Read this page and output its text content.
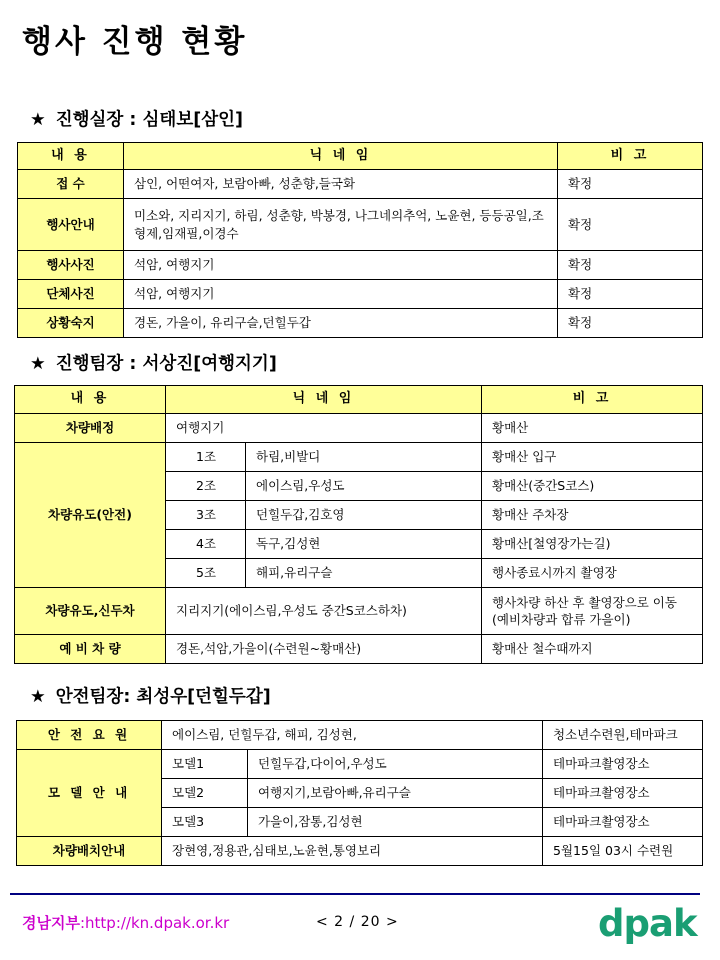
행사 진행 현황
★ 진행실장 : 심태보[삼인]
내 용	닉 네 임	비 고
접 수	삼인, 어떤여자, 보람아빠, 성춘향,들국화	확정
행사안내	미소와, 지리지기, 하림, 성춘향, 박봉경, 나그네의추억, 노윤현, 등등공일,조형제,임재필,이경수	확정
행사사진	석암, 여행지기	확정
단체사진	석암, 여행지기	확정
상황숙지	경돈, 가을이, 유리구슬,던힐두갑	확정
★ 진행팀장 : 서상진[여행지기]
내 용	닉 네 임		비 고
차량배정	여행지기		황매산
차량유도(안전)	1조	하림,비발디	황매산 입구
	2조	에이스림,우성도	황매산(중간S코스)
	3조	던힐두갑,김호영	황매산 주차장
	4조	독구,김성현	황매산[철영장가는길)
	5조	해피,유리구슬	행사종료시까지 촬영장
차량유도,신두차	지리지기(에이스림,우성도 중간S코스하차)		행사차량 하산 후 촬영장으로 이동(예비차량과 합류 가을이)
예 비 차 량	경돈,석암,가을이(수련원~황매산)		황매산 철수때까지
★ 안전팀장: 최성우[던힐두갑]
안 전 요 원	에이스림, 던힐두갑, 해피, 김성현,		청소년수련원,테마파크
모 델 안 내	모델1	던힐두갑,다이어,우성도	테마파크촬영장소
	모델2	여행지기,보람아빠,유리구슬	테마파크촬영장소
	모델3	가을이,잠통,김성현	테마파크촬영장소
차량배치안내	장현영,정용관,심태보,노윤현,통영보리		5월15일 03시 수련원
경남지부:http://kn.dpak.or.kr	< 2 / 20 >	dpak
